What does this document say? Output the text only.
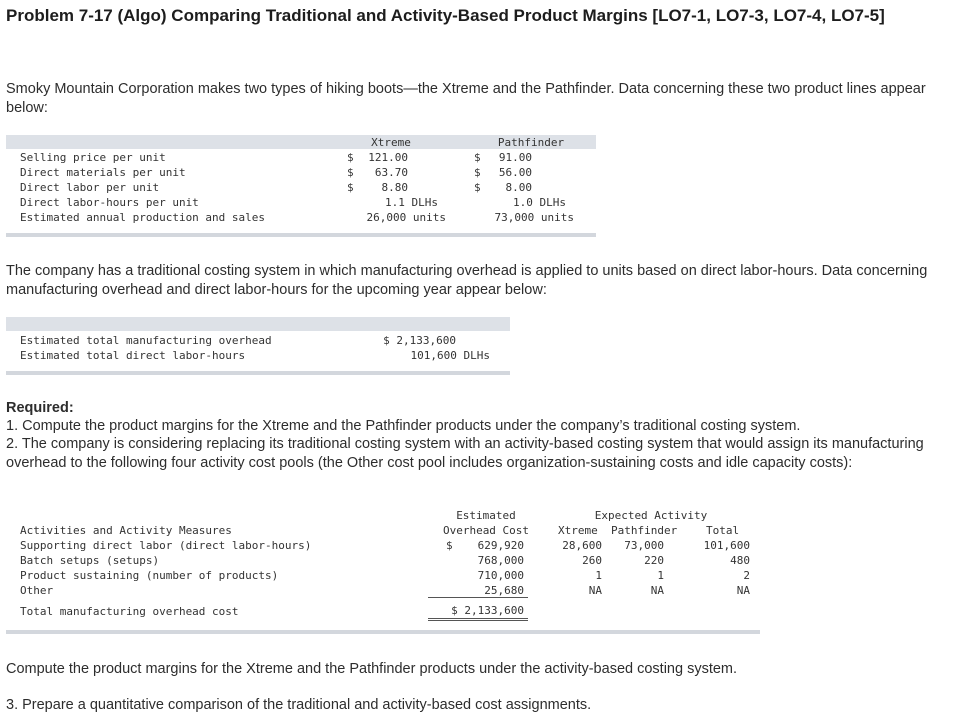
Problem 7-17 (Algo) Comparing Traditional and Activity-Based Product Margins [LO7-1, LO7-3, LO7-4, LO7-5]
Smoky Mountain Corporation makes two types of hiking boots—the Xtreme and the Pathfinder. Data concerning these two product lines appear below:
Xtreme	Pathfinder
Selling price per unit	$	121.00	$	91.00
Direct materials per unit	$	63.70	$	56.00
Direct labor per unit	$	8.80	$	8.00
Direct labor-hours per unit	1.1 DLHs	1.0 DLHs
Estimated annual production and sales	26,000 units	73,000 units
The company has a traditional costing system in which manufacturing overhead is applied to units based on direct labor-hours. Data concerning manufacturing overhead and direct labor-hours for the upcoming year appear below:
Estimated total manufacturing overhead	$ 2,133,600
Estimated total direct labor-hours	101,600 DLHs
Required:
1. Compute the product margins for the Xtreme and the Pathfinder products under the company’s traditional costing system.
2. The company is considering replacing its traditional costing system with an activity-based costing system that would assign its manufacturing overhead to the following four activity cost pools (the Other cost pool includes organization-sustaining costs and idle capacity costs):
Estimated	Expected Activity
Activities and Activity Measures	Overhead Cost	Xtreme Pathfinder	Total
Supporting direct labor (direct labor-hours)	$	629,920	28,600	73,000	101,600
Batch setups (setups)	768,000	260	220	480
Product sustaining (number of products)	710,000	1	1	2
Other	25,680	NA	NA	NA
Total manufacturing overhead cost	$ 2,133,600
Compute the product margins for the Xtreme and the Pathfinder products under the activity-based costing system.
3. Prepare a quantitative comparison of the traditional and activity-based cost assignments.
